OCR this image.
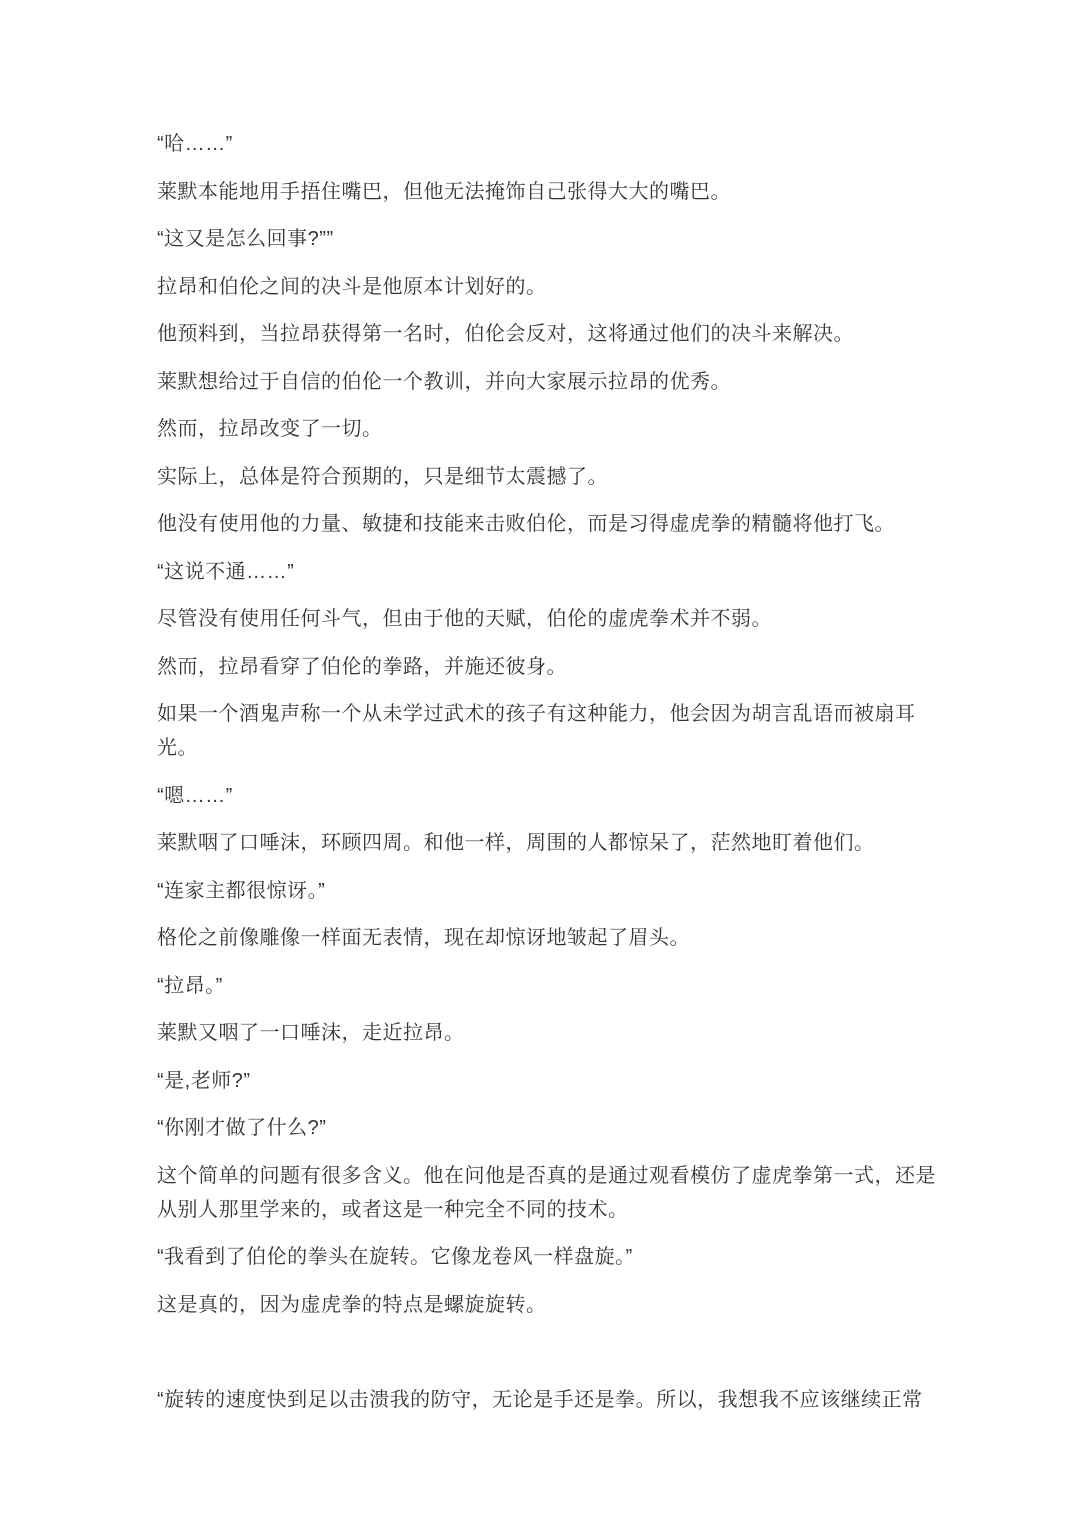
“哈……”

莱默本能地用手捂住嘴巴，但他无法掩饰自己张得大大的嘴巴。

“这又是怎么回事?””

拉昂和伯伦之间的决斗是他原本计划好的。

他预料到，当拉昂获得第一名时，伯伦会反对，这将通过他们的决斗来解决。

莱默想给过于自信的伯伦一个教训，并向大家展示拉昂的优秀。

然而，拉昂改变了一切。

实际上，总体是符合预期的，只是细节太震撼了。

他没有使用他的力量、敏捷和技能来击败伯伦，而是习得虚虎拳的精髓将他打飞。

“这说不通……”

尽管没有使用任何斗气，但由于他的天赋，伯伦的虚虎拳术并不弱。

然而，拉昂看穿了伯伦的拳路，并施还彼身。

如果一个酒鬼声称一个从未学过武术的孩子有这种能力，他会因为胡言乱语而被扇耳光。

“嗯……”

莱默咽了口唾沫，环顾四周。和他一样，周围的人都惊呆了，茫然地盯着他们。

“连家主都很惊讶。”

格伦之前像雕像一样面无表情，现在却惊讶地皱起了眉头。

“拉昂。”

莱默又咽了一口唾沫，走近拉昂。

“是,老师?”

“你刚才做了什么?”

这个简单的问题有很多含义。他在问他是否真的是通过观看模仿了虚虎拳第一式，还是从别人那里学来的，或者这是一种完全不同的技术。

“我看到了伯伦的拳头在旋转。它像龙卷风一样盘旋。”

这是真的，因为虚虎拳的特点是螺旋旋转。

“旋转的速度快到足以击溃我的防守，无论是手还是拳。所以，我想我不应该继续正常
